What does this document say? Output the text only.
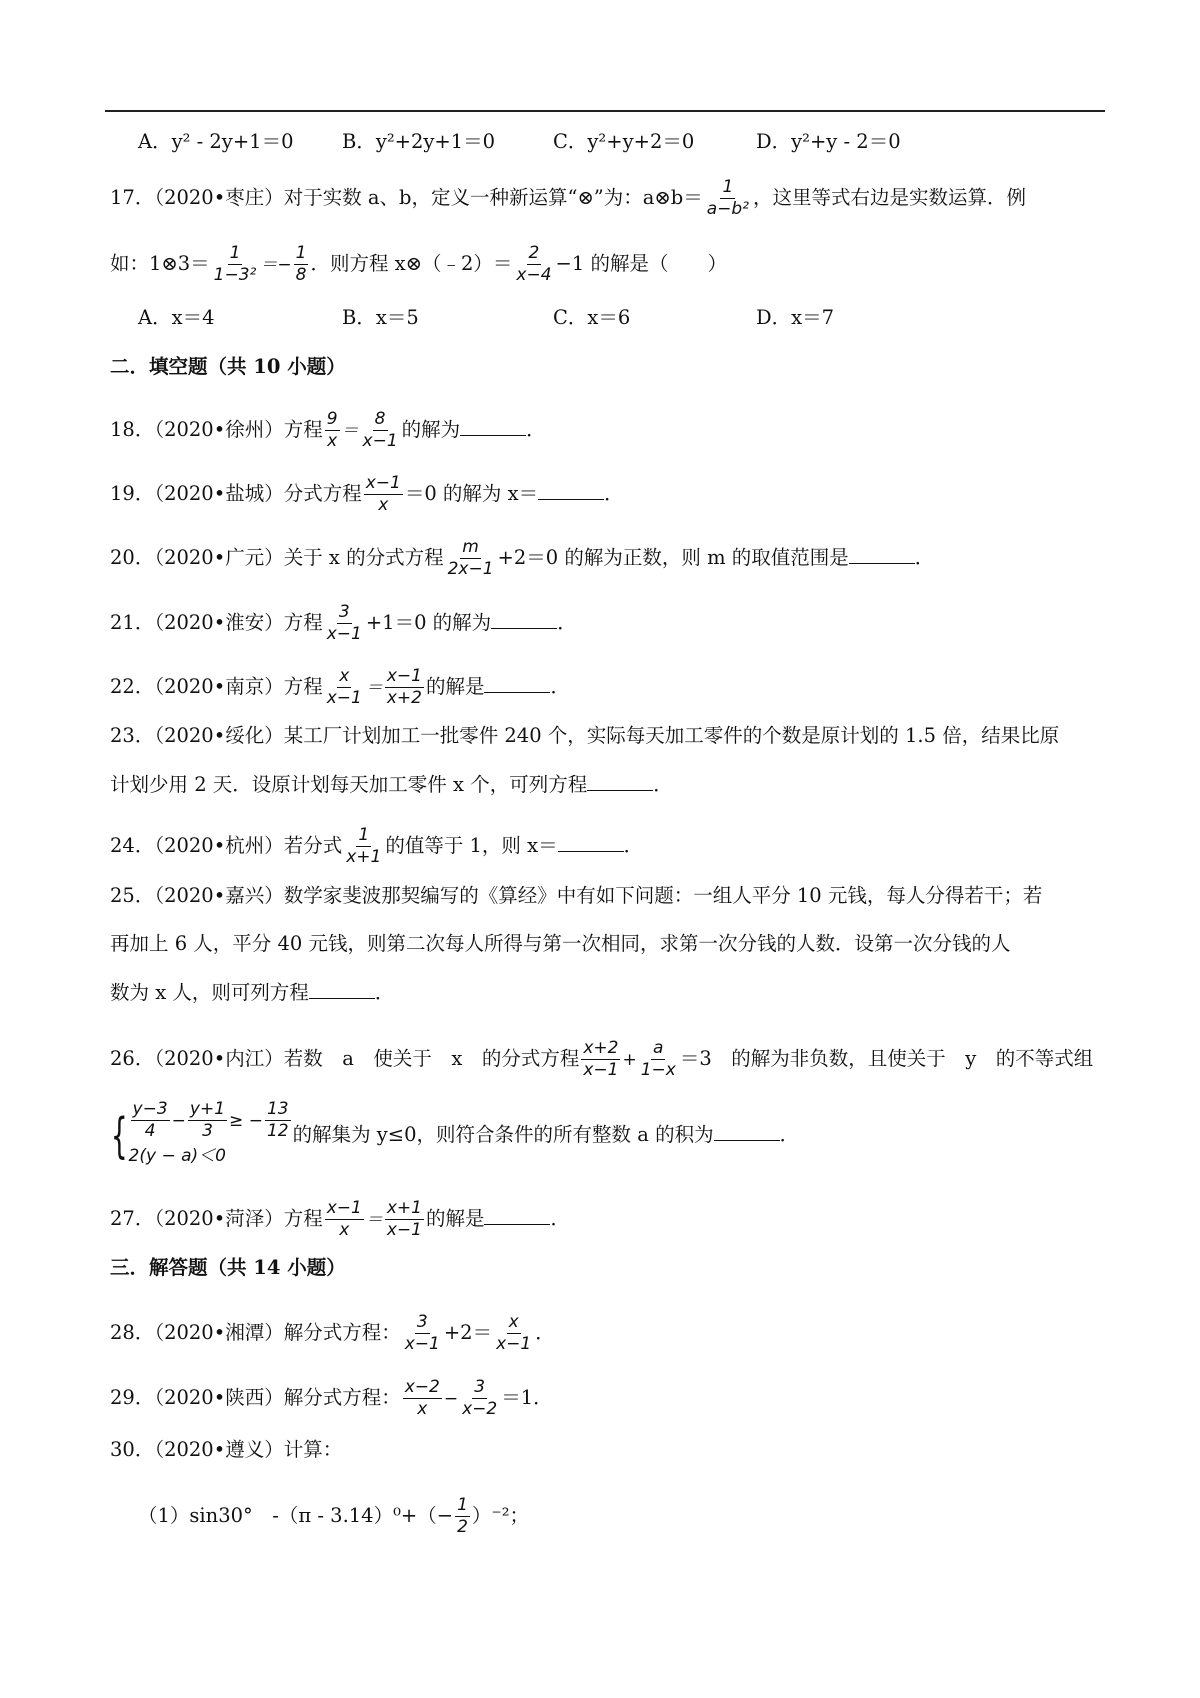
A．y² - 2y+1＝0 B．y²+2y+1＝0	C．y²+y+2＝0	D．y²+y - 2＝0
17．（2020•枣庄）对于实数 a、b，定义一种新运算“⊗”为：a⊗b＝ $\frac{1}{\text{a−b²}}$ ，这里等式右边是实数运算．例
如：1⊗3＝ $\frac{1}{\text{1−3²}} =- \frac{1}{8}$ ．则方程 x⊗（﹣2）＝ $\frac{2}{x-4} -1$ 的解是（　　）
A．x＝4	B．x＝5	C．x＝6	D．x＝7
二．填空题（共 10 小题）
18．（2020•徐州）方程 $\frac{9}{x} = \frac{8}{x-1}$ 的解为	．
19．（2020•盐城）分式方程 $\frac{x-1}{x} =0$ 的解为 x＝	．
20．（2020•广元）关于 x 的分式方程 $\frac{m}{2x-1} +2=0$ 的解为正数，则 m 的取值范围是	．
21．（2020•淮安）方程 $\frac{3}{x-1} +1=0$ 的解为	．
22．（2020•南京）方程 $\frac{x}{x-1} = \frac{x-1}{x+2}$ 的解是	．
23．（2020•绥化）某工厂计划加工一批零件 240 个，实际每天加工零件的个数是原计划的 1.5 倍，结果比原
计划少用 2 天．设原计划每天加工零件 x 个，可列方程	．
24．（2020•杭州）若分式 $\frac{1}{x+1}$ 的值等于 1，则 x＝	．
25．（2020•嘉兴）数学家斐波那契编写的《算经》中有如下问题：一组人平分 10 元钱，每人分得若干；若
再加上 6 人，平分 40 元钱，则第二次每人所得与第一次相同，求第一次分钱的人数．设第一次分钱的人
数为 x 人，则可列方程	．
26．（2020•内江）若数　a　使关于　x　的分式方程 $\frac{x+2}{x-1} + \frac{a}{1-x} =3$　的解为非负数，且使关于　y　的不等式组
{ $\frac{y-3}{4} - \frac{y+1}{3}$ ≥ − $\frac{13}{12}$
2(y − a)＜0
的解集为 y≤0，则符合条件的所有整数 a 的积为	．
27．（2020•菏泽）方程 $\frac{x-1}{x} = \frac{x+1}{x-1}$ 的解是	．
三．解答题（共 14 小题）
28．（2020•湘潭）解分式方程： $\frac{3}{x-1} +2= \frac{x}{x-1}$ ．
29．（2020•陕西）解分式方程： $\frac{x-2}{x} - \frac{3}{x-2} =1$．
30．（2020•遵义）计算：
（1）sin30°　$-(\pi - 3.14)^0+(- \frac{1}{2} )^{-2}$；
